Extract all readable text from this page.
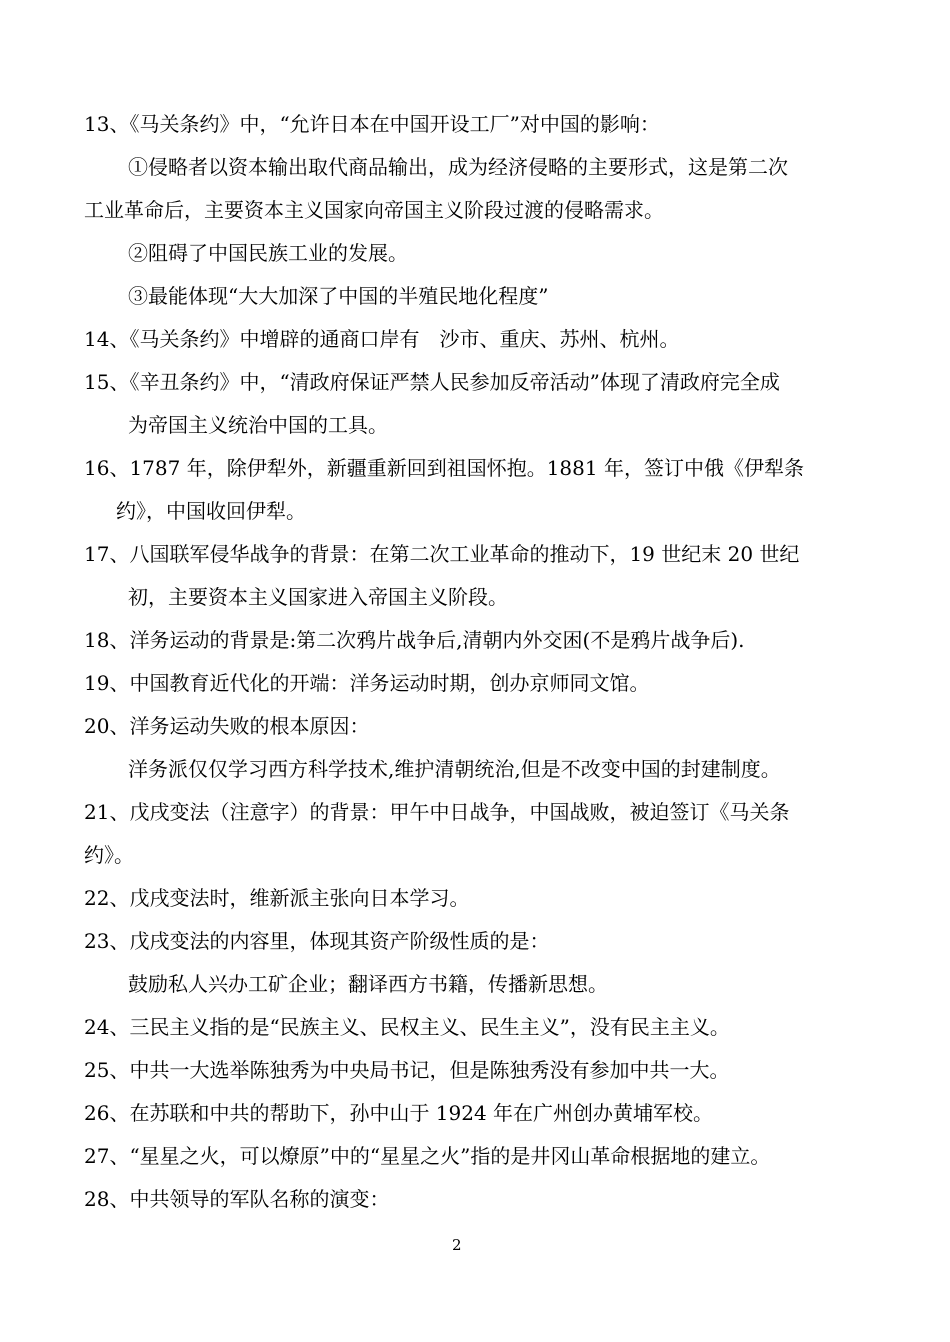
13、《马关条约》中，“允许日本在中国开设工厂”对中国的影响：
①侵略者以资本输出取代商品输出，成为经济侵略的主要形式，这是第二次
工业革命后，主要资本主义国家向帝国主义阶段过渡的侵略需求。
②阻碍了中国民族工业的发展。
③最能体现“大大加深了中国的半殖民地化程度”
14、《马关条约》中增辟的通商口岸有　沙市、重庆、苏州、杭州。
15、《辛丑条约》中，“清政府保证严禁人民参加反帝活动”体现了清政府完全成
为帝国主义统治中国的工具。
16、1787 年，除伊犁外，新疆重新回到祖国怀抱。1881 年，签订中俄《伊犁条
约》，中国收回伊犁。
17、八国联军侵华战争的背景：在第二次工业革命的推动下，19 世纪末 20 世纪
初，主要资本主义国家进入帝国主义阶段。
18、洋务运动的背景是:第二次鸦片战争后,清朝内外交困(不是鸦片战争后).
19、中国教育近代化的开端：洋务运动时期，创办京师同文馆。
20、洋务运动失败的根本原因：
洋务派仅仅学习西方科学技术,维护清朝统治,但是不改变中国的封建制度。
21、戊戌变法（注意字）的背景：甲午中日战争，中国战败，被迫签订《马关条
约》。
22、戊戌变法时，维新派主张向日本学习。
23、戊戌变法的内容里，体现其资产阶级性质的是：
鼓励私人兴办工矿企业；翻译西方书籍，传播新思想。
24、三民主义指的是“民族主义、民权主义、民生主义”，没有民主主义。
25、中共一大选举陈独秀为中央局书记，但是陈独秀没有参加中共一大。
26、在苏联和中共的帮助下，孙中山于 1924 年在广州创办黄埔军校。
27、“星星之火，可以燎原”中的“星星之火”指的是井冈山革命根据地的建立。
28、中共领导的军队名称的演变：
2
